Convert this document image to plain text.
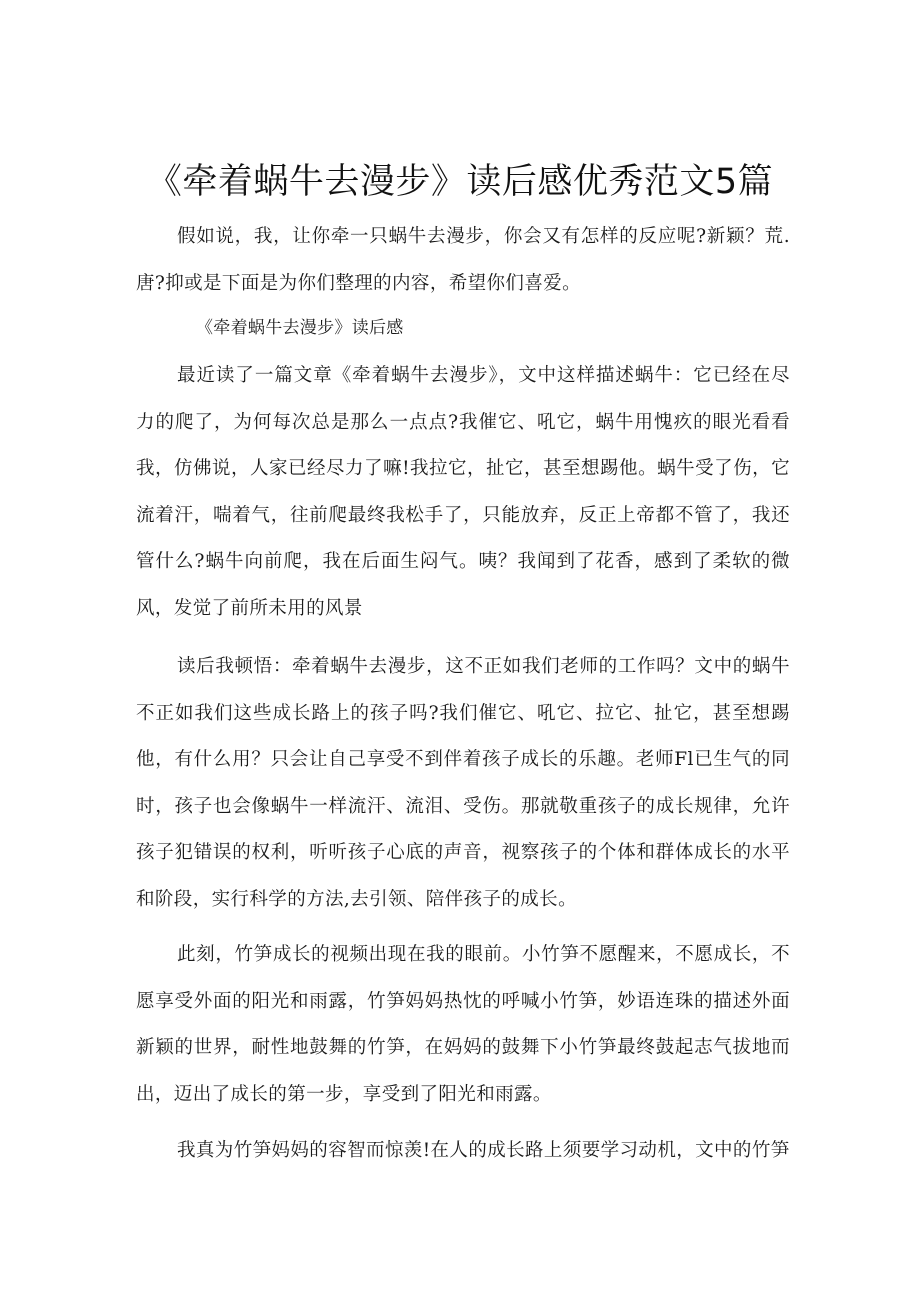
《牵着蜗牛去漫步》读后感优秀范文5篇

假如说，我，让你牵一只蜗牛去漫步，你会又有怎样的反应呢?新颖？荒.唐?抑或是下面是为你们整理的内容，希望你们喜爱。

《牵着蜗牛去漫步》读后感

最近读了一篇文章《牵着蜗牛去漫步》，文中这样描述蜗牛：它已经在尽力的爬了，为何每次总是那么一点点?我催它、吼它，蜗牛用愧疚的眼光看看我，仿佛说，人家已经尽力了嘛!我拉它，扯它，甚至想踢他。蜗牛受了伤，它流着汗，喘着气，往前爬最终我松手了，只能放弃，反正上帝都不管了，我还管什么?蜗牛向前爬，我在后面生闷气。咦？我闻到了花香，感到了柔软的微风，发觉了前所未用的风景

读后我顿悟：牵着蜗牛去漫步，这不正如我们老师的工作吗？文中的蜗牛不正如我们这些成长路上的孩子吗?我们催它、吼它、拉它、扯它，甚至想踢他，有什么用？只会让自己享受不到伴着孩子成长的乐趣。老师Fl已生气的同时，孩子也会像蜗牛一样流汗、流泪、受伤。那就敬重孩子的成长规律，允许孩子犯错误的权利，听听孩子心底的声音，视察孩子的个体和群体成长的水平和阶段，实行科学的方法,去引领、陪伴孩子的成长。

此刻，竹笋成长的视频出现在我的眼前。小竹笋不愿醒来，不愿成长，不愿享受外面的阳光和雨露，竹笋妈妈热忱的呼喊小竹笋，妙语连珠的描述外面新颖的世界，耐性地鼓舞的竹笋，在妈妈的鼓舞下小竹笋最终鼓起志气拔地而出，迈出了成长的第一步，享受到了阳光和雨露。

我真为竹笋妈妈的容智而惊羡!在人的成长路上须要学习动机，文中的竹笋
